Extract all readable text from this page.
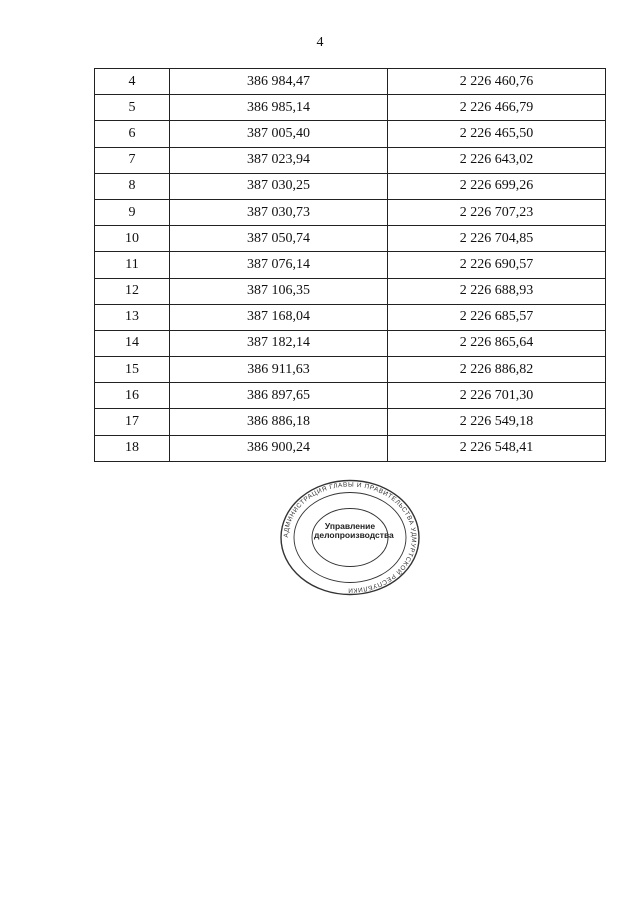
4
4	386 984,47	2 226 460,76
5	386 985,14	2 226 466,79
6	387 005,40	2 226 465,50
7	387 023,94	2 226 643,02
8	387 030,25	2 226 699,26
9	387 030,73	2 226 707,23
10	387 050,74	2 226 704,85
11	387 076,14	2 226 690,57
12	387 106,35	2 226 688,93
13	387 168,04	2 226 685,57
14	387 182,14	2 226 865,64
15	386 911,63	2 226 886,82
16	386 897,65	2 226 701,30
17	386 886,18	2 226 549,18
18	386 900,24	2 226 548,41
АДМИНИСТРАЦИЯ ГЛАВЫ И ПРАВИТЕЛЬСТВА УДМУРТСКОЙ РЕСПУБЛИКИ
Управление
делопроизводства
